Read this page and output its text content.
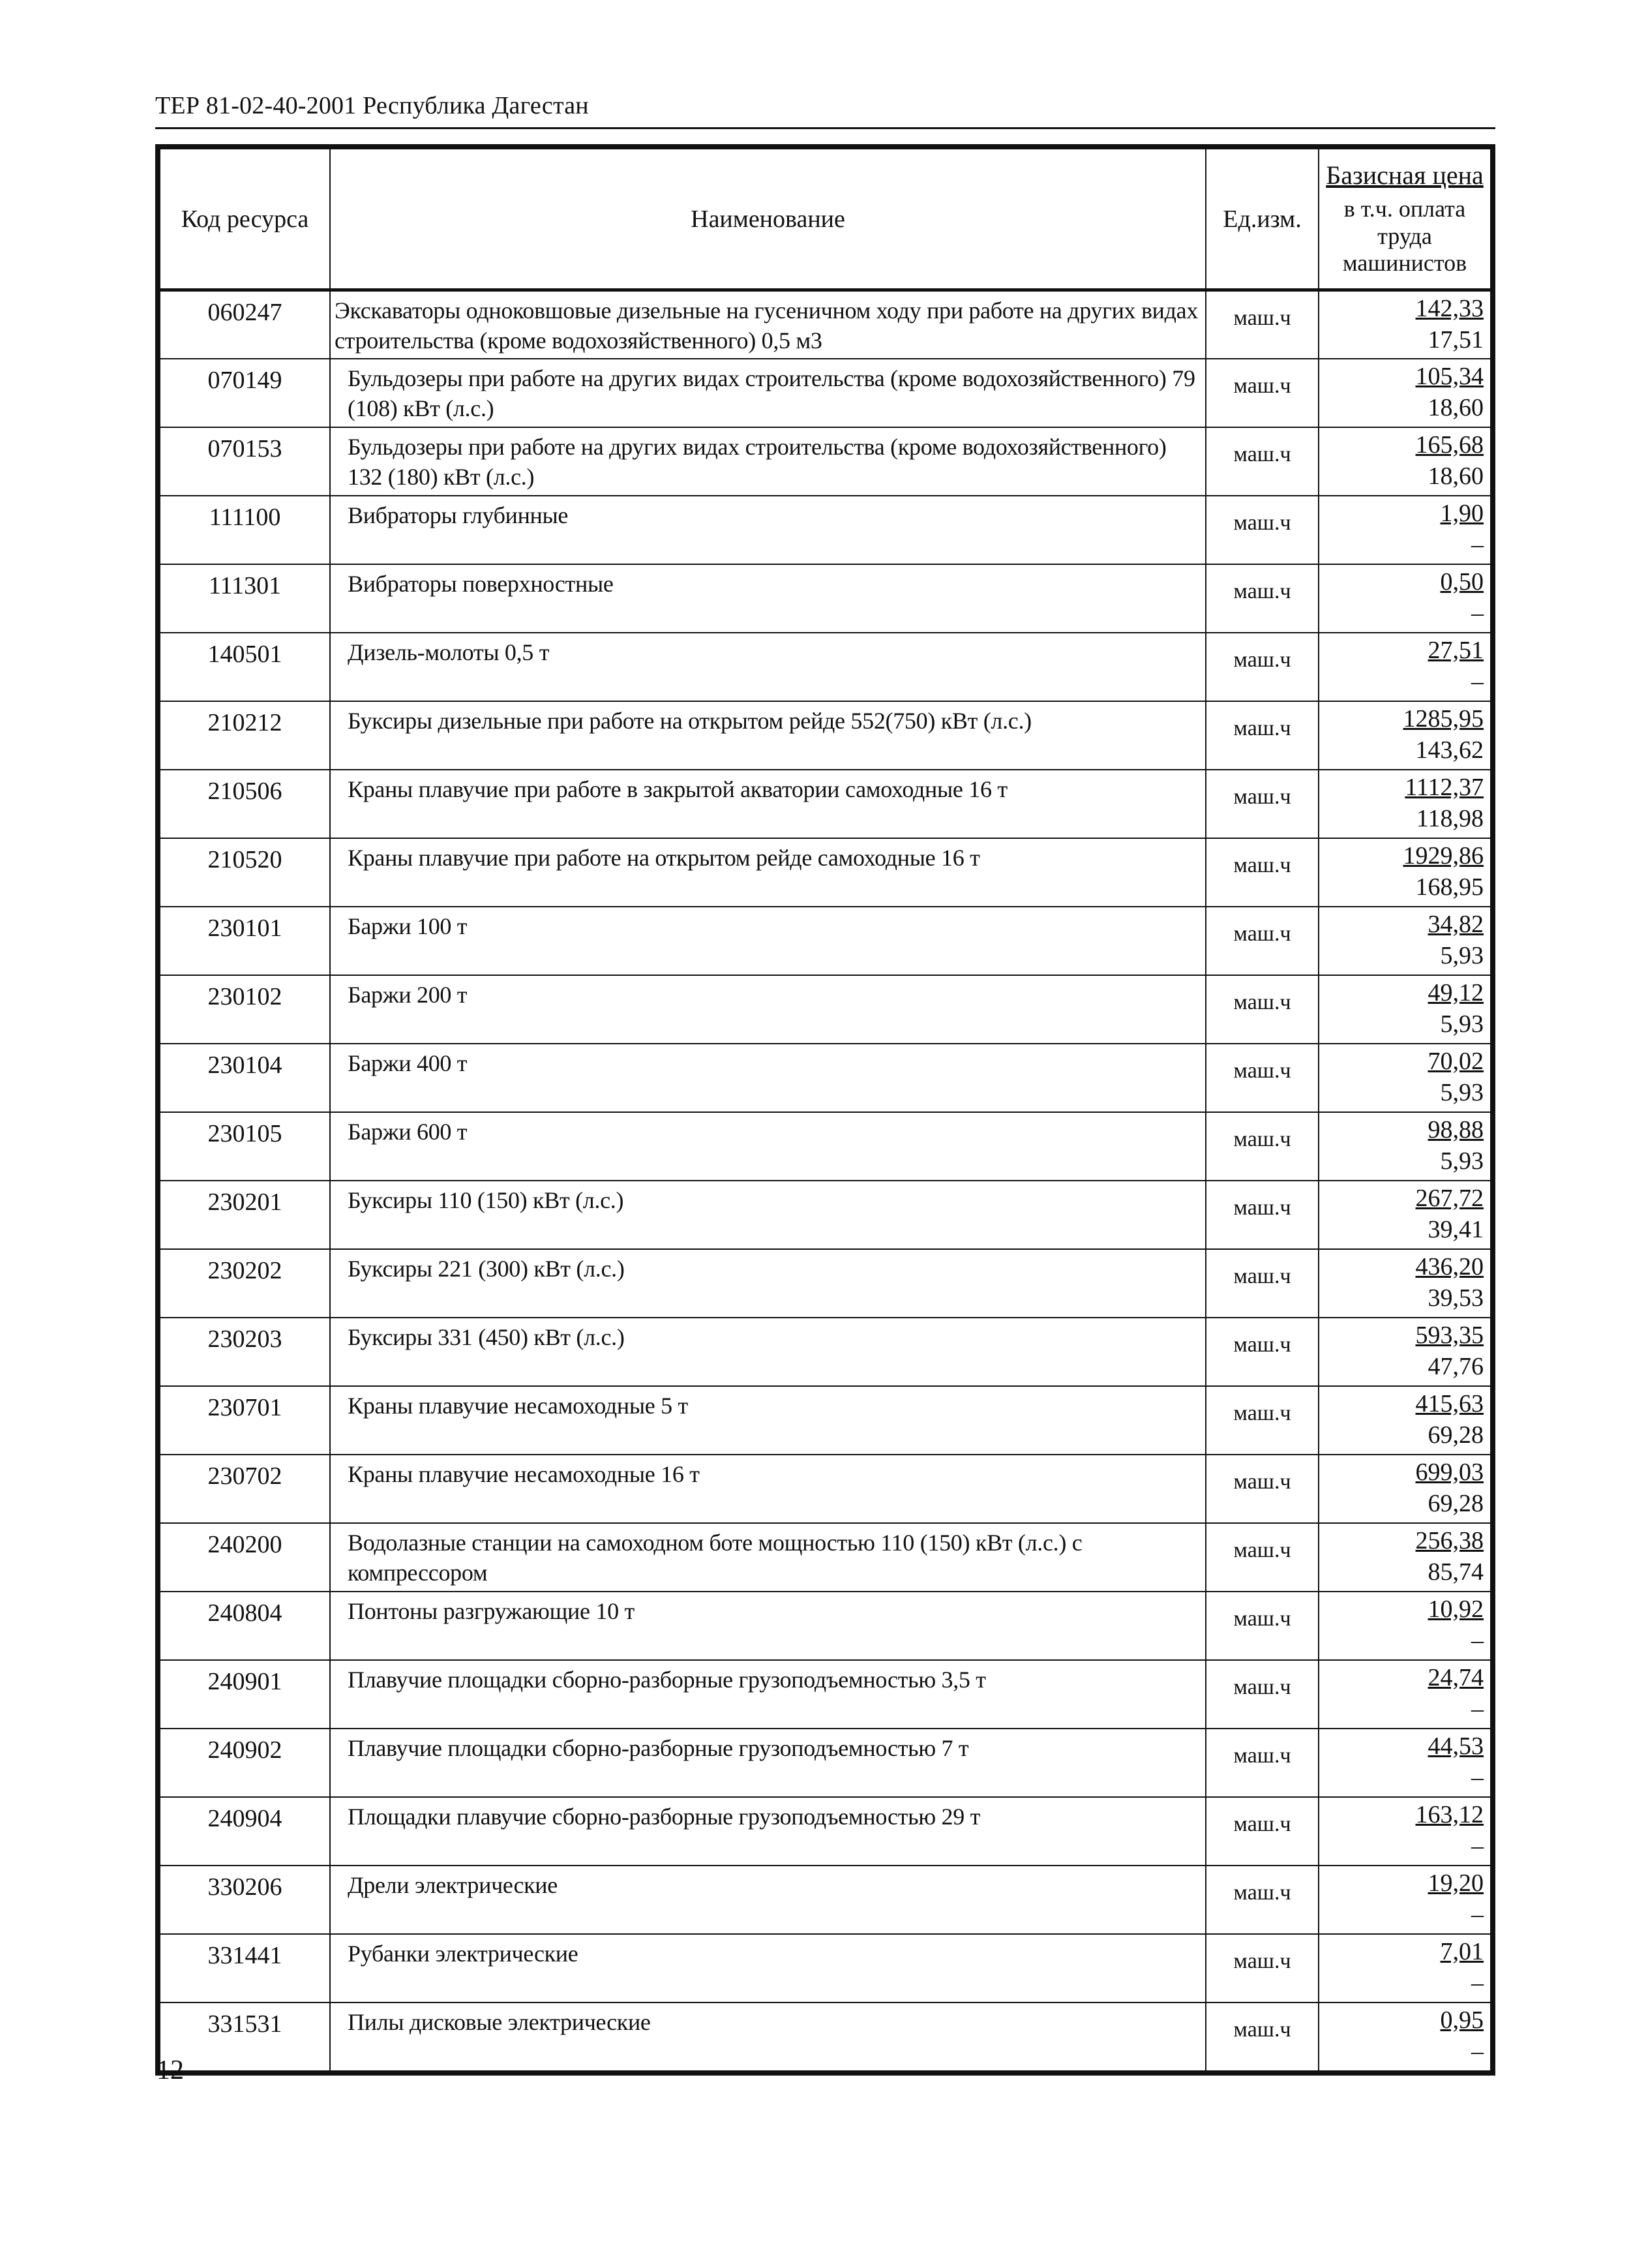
ТЕР 81-02-40-2001 Республика Дагестан
Код ресурса	Наименование	Ед.изм.	Базисная цена
в т.ч. оплата труда машинистов

060247	Экскаваторы одноковшовые дизельные на гусеничном ходу при работе на других видах строительства (кроме водохозяйственного) 0,5 м3	маш.ч	142,33
17,51

070149	Бульдозеры при работе на других видах строительства (кроме водохозяйственного) 79 (108) кВт (л.с.)	маш.ч	105,34
18,60

070153	Бульдозеры при работе на других видах строительства (кроме водохозяйственного) 132 (180) кВт (л.с.)	маш.ч	165,68
18,60

111100	Вибраторы глубинные	маш.ч	1,90
–

111301	Вибраторы поверхностные	маш.ч	0,50
–

140501	Дизель-молоты 0,5 т	маш.ч	27,51
–

210212	Буксиры дизельные при работе на открытом рейде 552(750) кВт (л.с.)	маш.ч	1285,95
143,62

210506	Краны плавучие при работе в закрытой акватории самоходные 16 т	маш.ч	1112,37
118,98

210520	Краны плавучие при работе на открытом рейде самоходные 16 т	маш.ч	1929,86
168,95

230101	Баржи 100 т	маш.ч	34,82
5,93

230102	Баржи 200 т	маш.ч	49,12
5,93

230104	Баржи 400 т	маш.ч	70,02
5,93

230105	Баржи 600 т	маш.ч	98,88
5,93

230201	Буксиры 110 (150) кВт (л.с.)	маш.ч	267,72
39,41

230202	Буксиры 221 (300) кВт (л.с.)	маш.ч	436,20
39,53

230203	Буксиры 331 (450) кВт (л.с.)	маш.ч	593,35
47,76

230701	Краны плавучие несамоходные 5 т	маш.ч	415,63
69,28

230702	Краны плавучие несамоходные 16 т	маш.ч	699,03
69,28

240200	Водолазные станции на самоходном боте мощностью 110 (150) кВт (л.с.) с компрессором	маш.ч	256,38
85,74

240804	Понтоны разгружающие 10 т	маш.ч	10,92
–

240901	Плавучие площадки сборно-разборные грузоподъемностью 3,5 т	маш.ч	24,74
–

240902	Плавучие площадки сборно-разборные грузоподъемностью 7 т	маш.ч	44,53
–

240904	Площадки плавучие сборно-разборные грузоподъемностью 29 т	маш.ч	163,12
–

330206	Дрели электрические	маш.ч	19,20
–

331441	Рубанки электрические	маш.ч	7,01
–

331531	Пилы дисковые электрические	маш.ч	0,95
–
12
